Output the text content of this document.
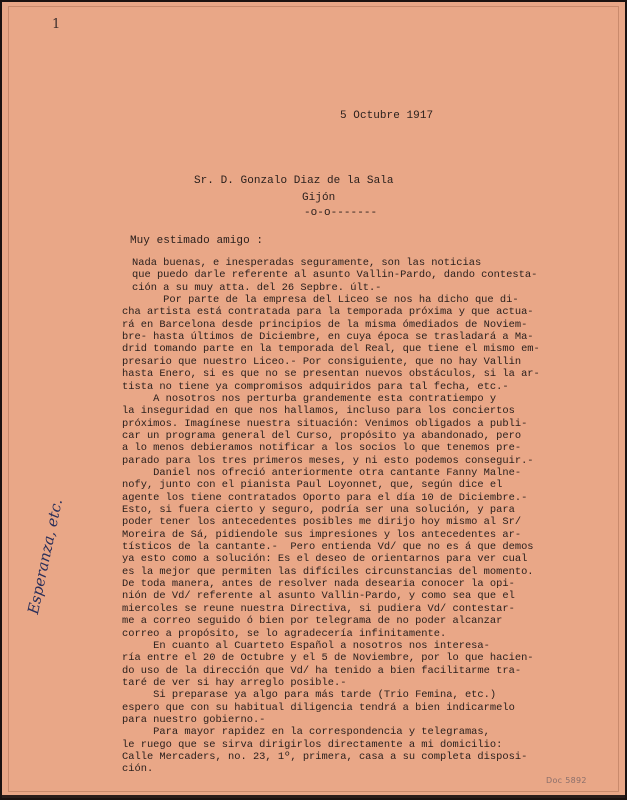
1
5 Octubre 1917
Sr. D. Gonzalo Diaz de la Sala
Gijón
-o-o-------
Muy estimado amigo :
Nada buenas, e inesperadas seguramente, son las noticias
que puedo darle referente al asunto Vallin-Pardo, dando contesta-
ción a su muy atta. del 26 Sepbre. últ.-
Por parte de la empresa del Liceo se nos ha dicho que di-
cha artista está contratada para la temporada próxima y que actua-
rá en Barcelona desde principios de la misma ómediados de Noviem-
bre- hasta últimos de Diciembre, en cuya época se trasladará a Ma-
drid tomando parte en la temporada del Real, que tiene el mismo em-
presario que nuestro Liceo.- Por consiguiente, que no hay Vallin
hasta Enero, si es que no se presentan nuevos obstáculos, si la ar-
tista no tiene ya compromisos adquiridos para tal fecha, etc.-
A nosotros nos perturba grandemente esta contratiempo y
la inseguridad en que nos hallamos, incluso para los conciertos
próximos. Imagínese nuestra situación: Venimos obligados a publi-
car un programa general del Curso, propósito ya abandonado, pero
a lo menos debieramos notificar a los socios lo que tenemos pre-
parado para los tres primeros meses, y ni esto podemos conseguir.-
Daniel nos ofreció anteriormente otra cantante Fanny Malne-
nofy, junto con el pianista Paul Loyonnet, que, según dice el
agente los tiene contratados Oporto para el día 10 de Diciembre.-
Esto, si fuera cierto y seguro, podría ser una solución, y para
poder tener los antecedentes posibles me dirijo hoy mismo al Sr/
Moreira de Sá, pidiendole sus impresiones y los antecedentes ar-
tísticos de la cantante.-  Pero entienda Vd/ que no es á que demos
ya esto como a solución: Es el deseo de orientarnos para ver cual
es la mejor que permiten las difíciles circunstancias del momento.
De toda manera, antes de resolver nada desearia conocer la opi-
nión de Vd/ referente al asunto Vallin-Pardo, y como sea que el
miercoles se reune nuestra Directiva, si pudiera Vd/ contestar-
me a correo seguido ó bien por telegrama de no poder alcanzar
correo a propósito, se lo agradecería infinitamente.
En cuanto al Cuarteto Español a nosotros nos interesa-
ría entre el 20 de Octubre y el 5 de Noviembre, por lo que hacien-
do uso de la dirección que Vd/ ha tenido a bien facilitarme tra-
taré de ver si hay arreglo posible.-
Si preparase ya algo para más tarde (Trio Femina, etc.)
espero que con su habitual diligencia tendrá a bien indicarmelo
para nuestro gobierno.-
Para mayor rapidez en la correspondencia y telegramas,
le ruego que se sirva dirigirlos directamente a mi domicilio:
Calle Mercaders, no. 23, 1º, primera, casa a su completa disposi-
ción.
Esperanza, etc.
Doc 5892
